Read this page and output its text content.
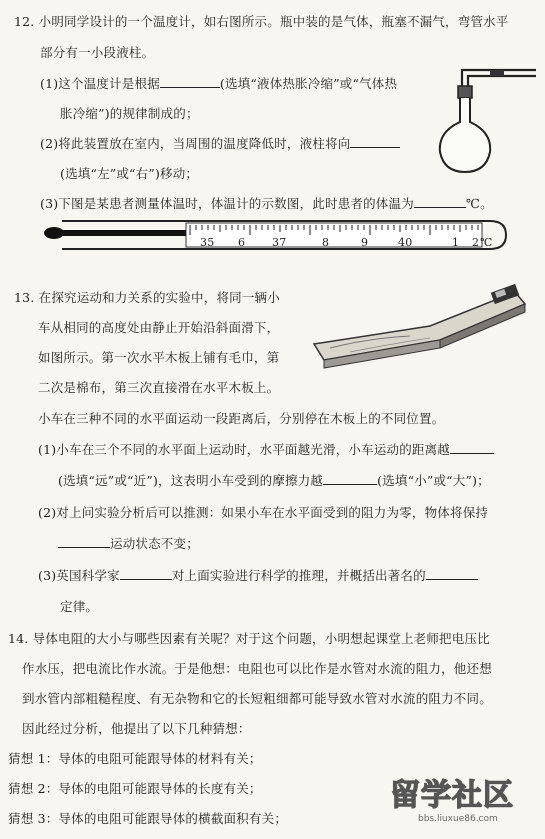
12. 小明同学设计的一个温度计，如右图所示。瓶中装的是气体，瓶塞不漏气，弯管水平
部分有一小段液柱。
(1)这个温度计是根据	(选填“液体热胀冷缩”或“气体热
胀冷缩”)的规律制成的；
(2)将此装置放在室内，当周围的温度降低时，液柱将向
(选填“左”或“右”)移动；
(3)下图是某患者测量体温时，体温计的示数图，此时患者的体温为	℃。
35 6 37	8	9	40	1 2 ℃
13. 在探究运动和力关系的实验中，将同一辆小
车从相同的高度处由静止开始沿斜面滑下，
如图所示。第一次水平木板上铺有毛巾，第
二次是棉布，第三次直接滑在水平木板上。
小车在三种不同的水平面运动一段距离后，分别停在木板上的不同位置。
(1)小车在三个不同的水平面上运动时，水平面越光滑，小车运动的距离越
(选填“远”或“近”)，这表明小车受到的摩擦力越	(选填“小”或“大”)；
(2)对上问实验分析后可以推测：如果小车在水平面受到的阻力为零，物体将保持
运动状态不变；
(3)英国科学家	对上面实验进行科学的推理，并概括出著名的
定律。
14. 导体电阻的大小与哪些因素有关呢？对于这个问题，小明想起课堂上老师把电压比
作水压，把电流比作水流。于是他想：电阻也可以比作是水管对水流的阻力，他还想
到水管内部粗糙程度、有无杂物和它的长短粗细都可能导致水管对水流的阻力不同。
因此经过分析，他提出了以下几种猜想：
猜想 1：导体的电阻可能跟导体的材料有关；
猜想 2：导体的电阻可能跟导体的长度有关；
猜想 3：导体的电阻可能跟导体的横截面积有关；
留学社区
bbs.liuxue86.com
